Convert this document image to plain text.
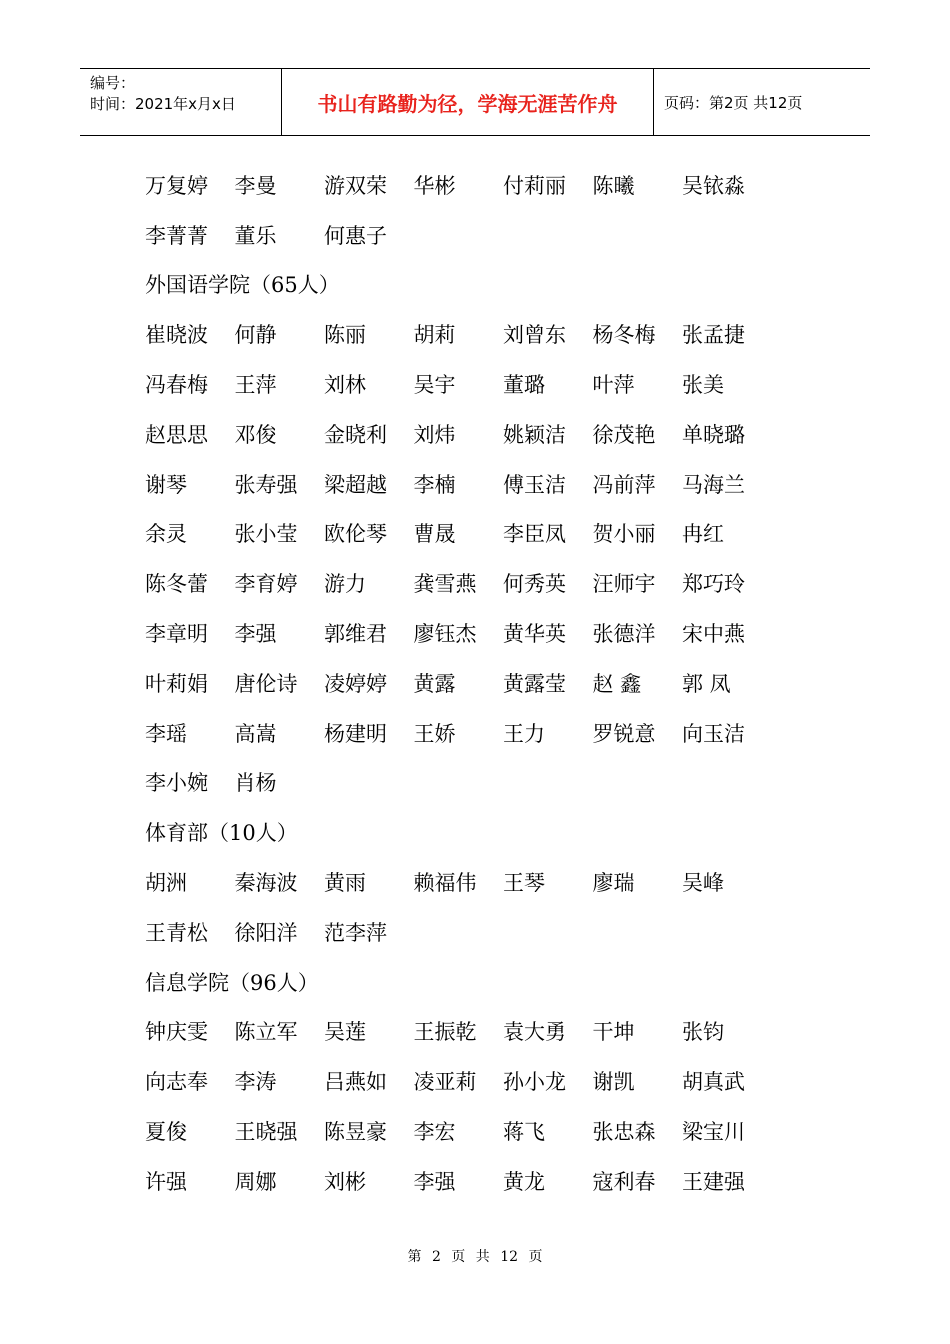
编号：
时间：2021年x月x日	书山有路勤为径，学海无涯苦作舟	页码：第2页 共12页
万复婷	李曼	游双荣	华彬	付莉丽	陈曦	吴铱淼
李菁菁	董乐	何惠子
外国语学院（65人）
崔晓波	何静	陈丽	胡莉	刘曾东	杨冬梅	张孟捷
冯春梅	王萍	刘林	吴宇	董璐	叶萍	张美
赵思思	邓俊	金晓利	刘炜	姚颖洁	徐茂艳	单晓璐
谢琴	张寿强	梁超越	李楠	傅玉洁	冯前萍	马海兰
余灵	张小莹	欧伦琴	曹晟	李臣凤	贺小丽	冉红
陈冬蕾	李育婷	游力	龚雪燕	何秀英	汪师宇	郑巧玲
李章明	李强	郭维君	廖钰杰	黄华英	张德洋	宋中燕
叶莉娟	唐伦诗	凌婷婷	黄露	黄露莹	赵 鑫	郭 凤
李瑶	高嵩	杨建明	王娇	王力	罗锐意	向玉洁
李小婉	肖杨
体育部（10人）
胡洲	秦海波	黄雨	赖福伟	王琴	廖瑞	吴峰
王青松	徐阳洋	范李萍
信息学院（96人）
钟庆雯	陈立军	吴莲	王振乾	袁大勇	干坤	张钧
向志奉	李涛	吕燕如	凌亚莉	孙小龙	谢凯	胡真武
夏俊	王晓强	陈昱豪	李宏	蒋飞	张忠森	梁宝川
许强	周娜	刘彬	李强	黄龙	寇利春	王建强
第 2 页 共 12 页
